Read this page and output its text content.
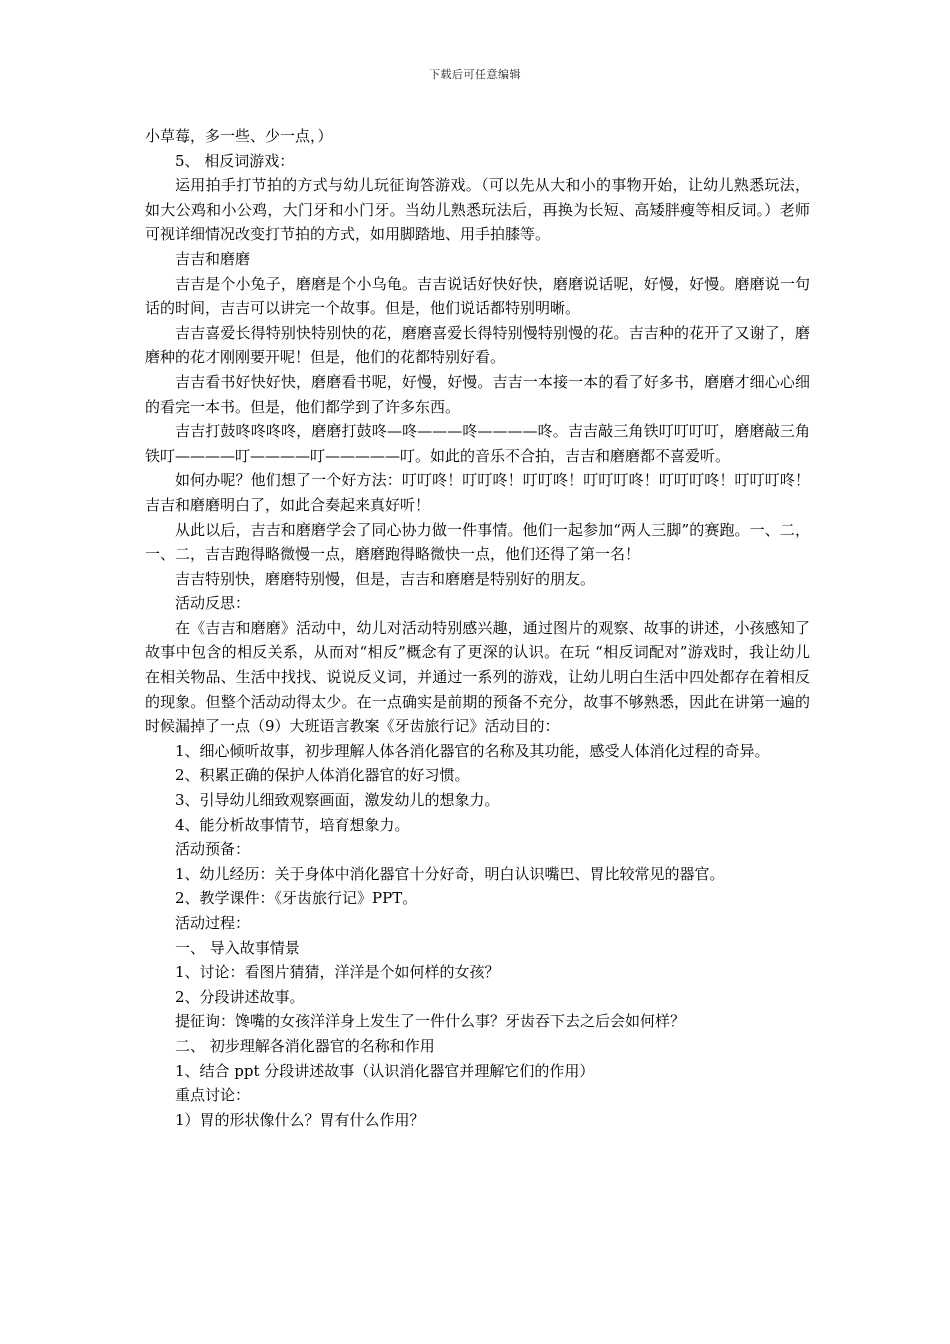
下载后可任意编辑

小草莓，多一些、少一点，）

5、 相反词游戏：

运用拍手打节拍的方式与幼儿玩征询答游戏。（可以先从大和小的事物开始，让幼儿熟悉玩法，如大公鸡和小公鸡，大门牙和小门牙。当幼儿熟悉玩法后，再换为长短、高矮胖瘦等相反词。）老师可视详细情况改变打节拍的方式，如用脚踏地、用手拍膝等。

吉吉和磨磨

吉吉是个小兔子，磨磨是个小乌龟。吉吉说话好快好快，磨磨说话呢，好慢，好慢。磨磨说一句话的时间，吉吉可以讲完一个故事。但是，他们说话都特别明晰。

吉吉喜爱长得特别快特别快的花，磨磨喜爱长得特别慢特别慢的花。吉吉种的花开了又谢了，磨磨种的花才刚刚要开呢！但是，他们的花都特别好看。

吉吉看书好快好快，磨磨看书呢，好慢，好慢。吉吉一本接一本的看了好多书，磨磨才细心心细的看完一本书。但是，他们都学到了许多东西。

吉吉打鼓咚咚咚咚，磨磨打鼓咚—咚———咚————咚。吉吉敲三角铁叮叮叮叮，磨磨敲三角铁叮————叮————叮—————叮。如此的音乐不合拍，吉吉和磨磨都不喜爱听。

如何办呢？他们想了一个好方法：叮叮咚！叮叮咚！叮叮咚！叮叮叮咚！叮叮叮咚！叮叮叮咚！吉吉和磨磨明白了，如此合奏起来真好听！

从此以后，吉吉和磨磨学会了同心协力做一件事情。他们一起参加“两人三脚”的赛跑。一、二，一、二，吉吉跑得略微慢一点，磨磨跑得略微快一点，他们还得了第一名！

吉吉特别快，磨磨特别慢，但是，吉吉和磨磨是特别好的朋友。

活动反思：

在《吉吉和磨磨》活动中，幼儿对活动特别感兴趣，通过图片的观察、故事的讲述，小孩感知了故事中包含的相反关系，从而对“相反”概念有了更深的认识。在玩 “相反词配对”游戏时，我让幼儿在相关物品、生活中找找、说说反义词，并通过一系列的游戏，让幼儿明白生活中四处都存在着相反的现象。但整个活动动得太少。在一点确实是前期的预备不充分，故事不够熟悉，因此在讲第一遍的时候漏掉了一点（9）大班语言教案《牙齿旅行记》活动目的：

1、细心倾听故事，初步理解人体各消化器官的名称及其功能，感受人体消化过程的奇异。

2、积累正确的保护人体消化器官的好习惯。

3、引导幼儿细致观察画面，激发幼儿的想象力。

4、能分析故事情节，培育想象力。

活动预备：

1、幼儿经历：关于身体中消化器官十分好奇，明白认识嘴巴、胃比较常见的器官。

2、教学课件：《牙齿旅行记》PPT。

活动过程：

一、 导入故事情景

1、讨论：看图片猜猜，洋洋是个如何样的女孩？

2、分段讲述故事。

提征询：馋嘴的女孩洋洋身上发生了一件什么事？牙齿吞下去之后会如何样？

二、 初步理解各消化器官的名称和作用

1、结合 ppt 分段讲述故事（认识消化器官并理解它们的作用）

重点讨论：

1）胃的形状像什么？胃有什么作用？
